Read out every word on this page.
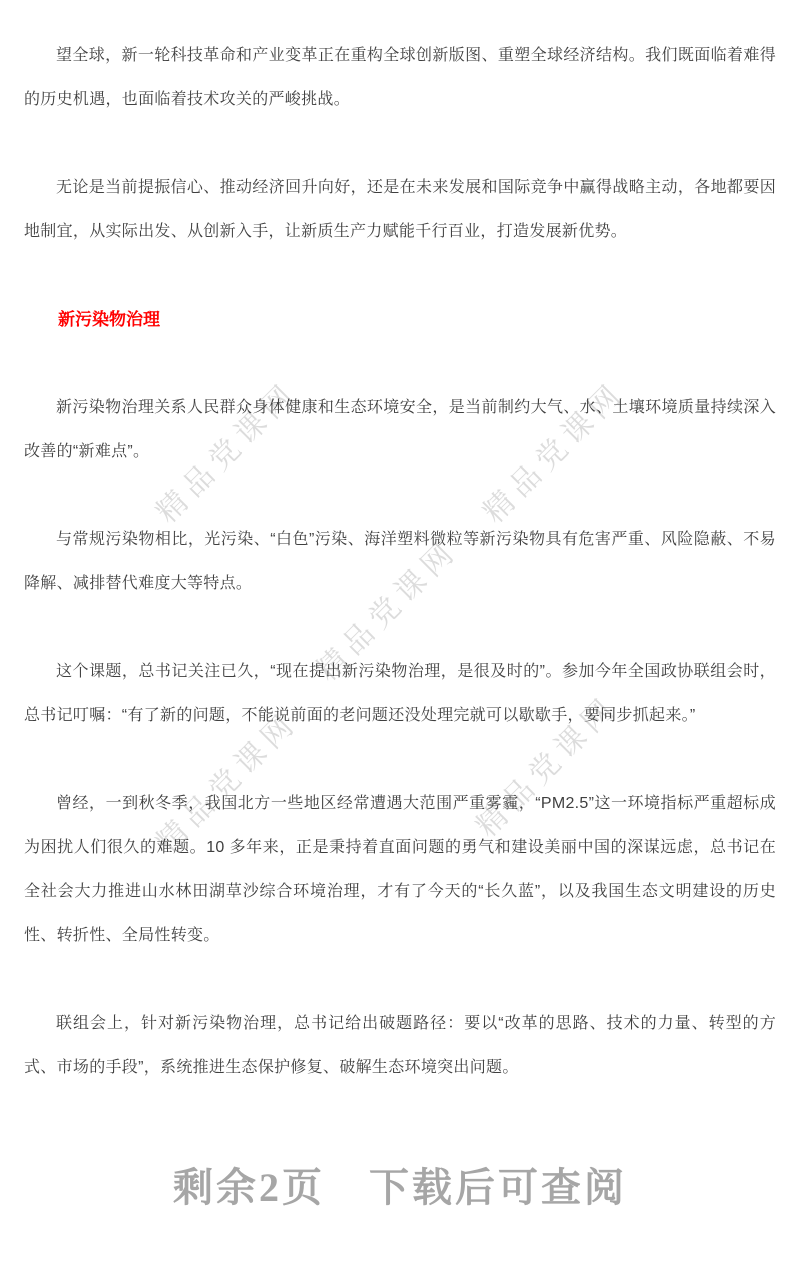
精品党课网	精品党课网
精品党课网
精品党课网	精品党课网

望全球，新一轮科技革命和产业变革正在重构全球创新版图、重塑全球经济结构。我们既面临着难得的历史机遇，也面临着技术攻关的严峻挑战。

无论是当前提振信心、推动经济回升向好，还是在未来发展和国际竞争中赢得战略主动，各地都要因地制宜，从实际出发、从创新入手，让新质生产力赋能千行百业，打造发展新优势。

新污染物治理

新污染物治理关系人民群众身体健康和生态环境安全，是当前制约大气、水、土壤环境质量持续深入改善的“新难点”。

与常规污染物相比，光污染、“白色”污染、海洋塑料微粒等新污染物具有危害严重、风险隐蔽、不易降解、减排替代难度大等特点。

这个课题，总书记关注已久，“现在提出新污染物治理，是很及时的”。参加今年全国政协联组会时，总书记叮嘱：“有了新的问题，不能说前面的老问题还没处理完就可以歇歇手，要同步抓起来。”

曾经，一到秋冬季，我国北方一些地区经常遭遇大范围严重雾霾，“PM2.5”这一环境指标严重超标成为困扰人们很久的难题。10 多年来，正是秉持着直面问题的勇气和建设美丽中国的深谋远虑，总书记在全社会大力推进山水林田湖草沙综合环境治理，才有了今天的“长久蓝”，以及我国生态文明建设的历史性、转折性、全局性转变。

联组会上，针对新污染物治理，总书记给出破题路径：要以“改革的思路、技术的力量、转型的方式、市场的手段”，系统推进生态保护修复、破解生态环境突出问题。

剩余2页 下载后可查阅
